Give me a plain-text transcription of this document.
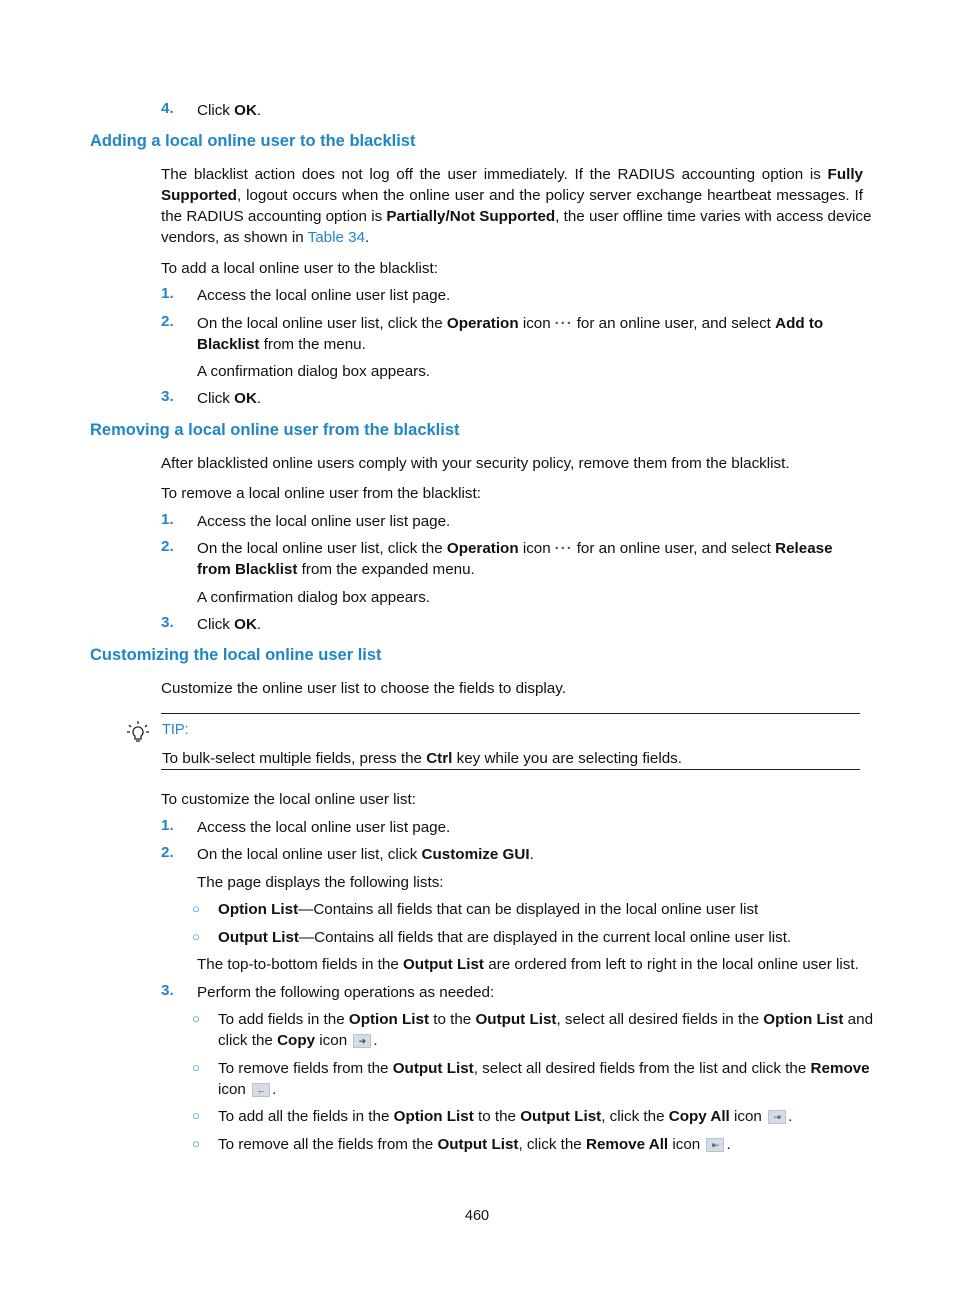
4.	Click OK.
Adding a local online user to the blacklist
The blacklist action does not log off the user immediately. If the RADIUS accounting option is Fully
Supported, logout occurs when the online user and the policy server exchange heartbeat messages. If
the RADIUS accounting option is Partially/Not Supported, the user offline time varies with access device
vendors, as shown in Table 34.
To add a local online user to the blacklist:
1.	Access the local online user list page.
2.	On the local online user list, click the Operation icon ··· for an online user, and select Add to
Blacklist from the menu.
A confirmation dialog box appears.
3.	Click OK.
Removing a local online user from the blacklist
After blacklisted online users comply with your security policy, remove them from the blacklist.
To remove a local online user from the blacklist:
1.	Access the local online user list page.
2.	On the local online user list, click the Operation icon ··· for an online user, and select Release
from Blacklist from the expanded menu.
A confirmation dialog box appears.
3.	Click OK.
Customizing the local online user list
Customize the online user list to choose the fields to display.
TIP:
To bulk-select multiple fields, press the Ctrl key while you are selecting fields.
To customize the local online user list:
1.	Access the local online user list page.
2.	On the local online user list, click Customize GUI.
The page displays the following lists:
○ Option List—Contains all fields that can be displayed in the local online user list
○ Output List—Contains all fields that are displayed in the current local online user list.
The top-to-bottom fields in the Output List are ordered from left to right in the local online user list.
3.	Perform the following operations as needed:
○ To add fields in the Option List to the Output List, select all desired fields in the Option List and
click the Copy icon ➜ .
○ To remove fields from the Output List, select all desired fields from the list and click the Remove
icon ← .
○ To add all the fields in the Option List to the Output List, click the Copy All icon ⇥ .
○ To remove all the fields from the Output List, click the Remove All icon ⇤ .
460
